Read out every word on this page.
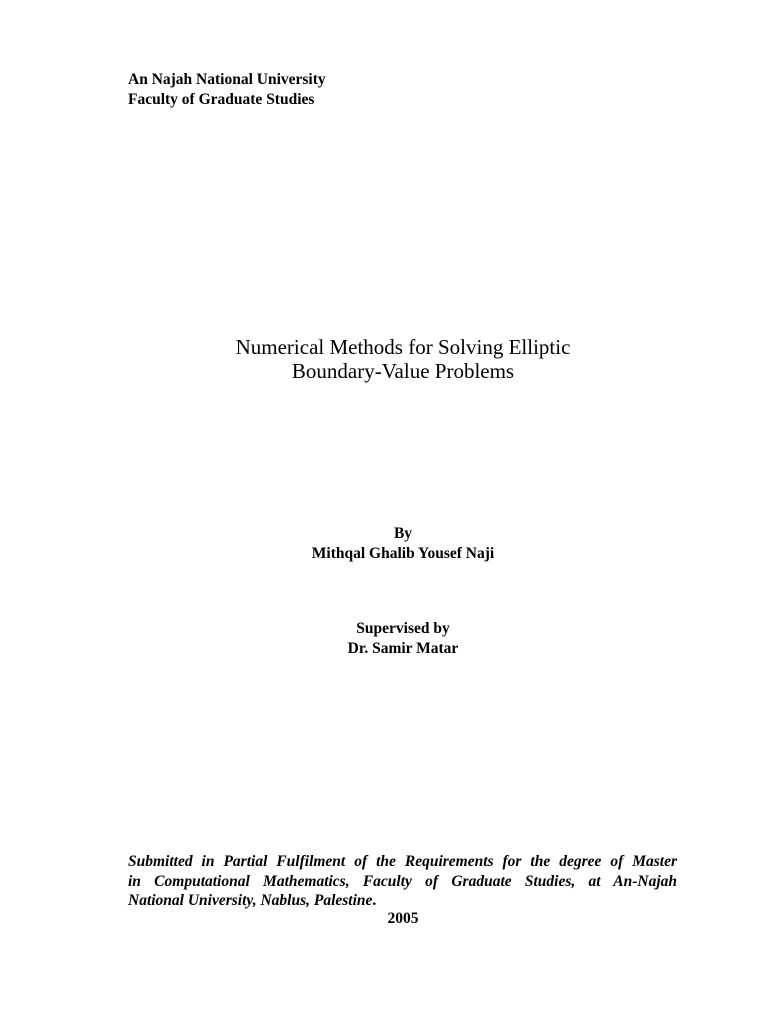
An Najah National University
Faculty of Graduate Studies
Numerical Methods for Solving Elliptic
Boundary-Value Problems
By
Mithqal Ghalib Yousef Naji
Supervised by
Dr. Samir Matar
Submitted in Partial Fulfilment of the Requirements for the degree of Master
in Computational Mathematics, Faculty of Graduate Studies, at An-Najah
National University, Nablus, Palestine.
2005
